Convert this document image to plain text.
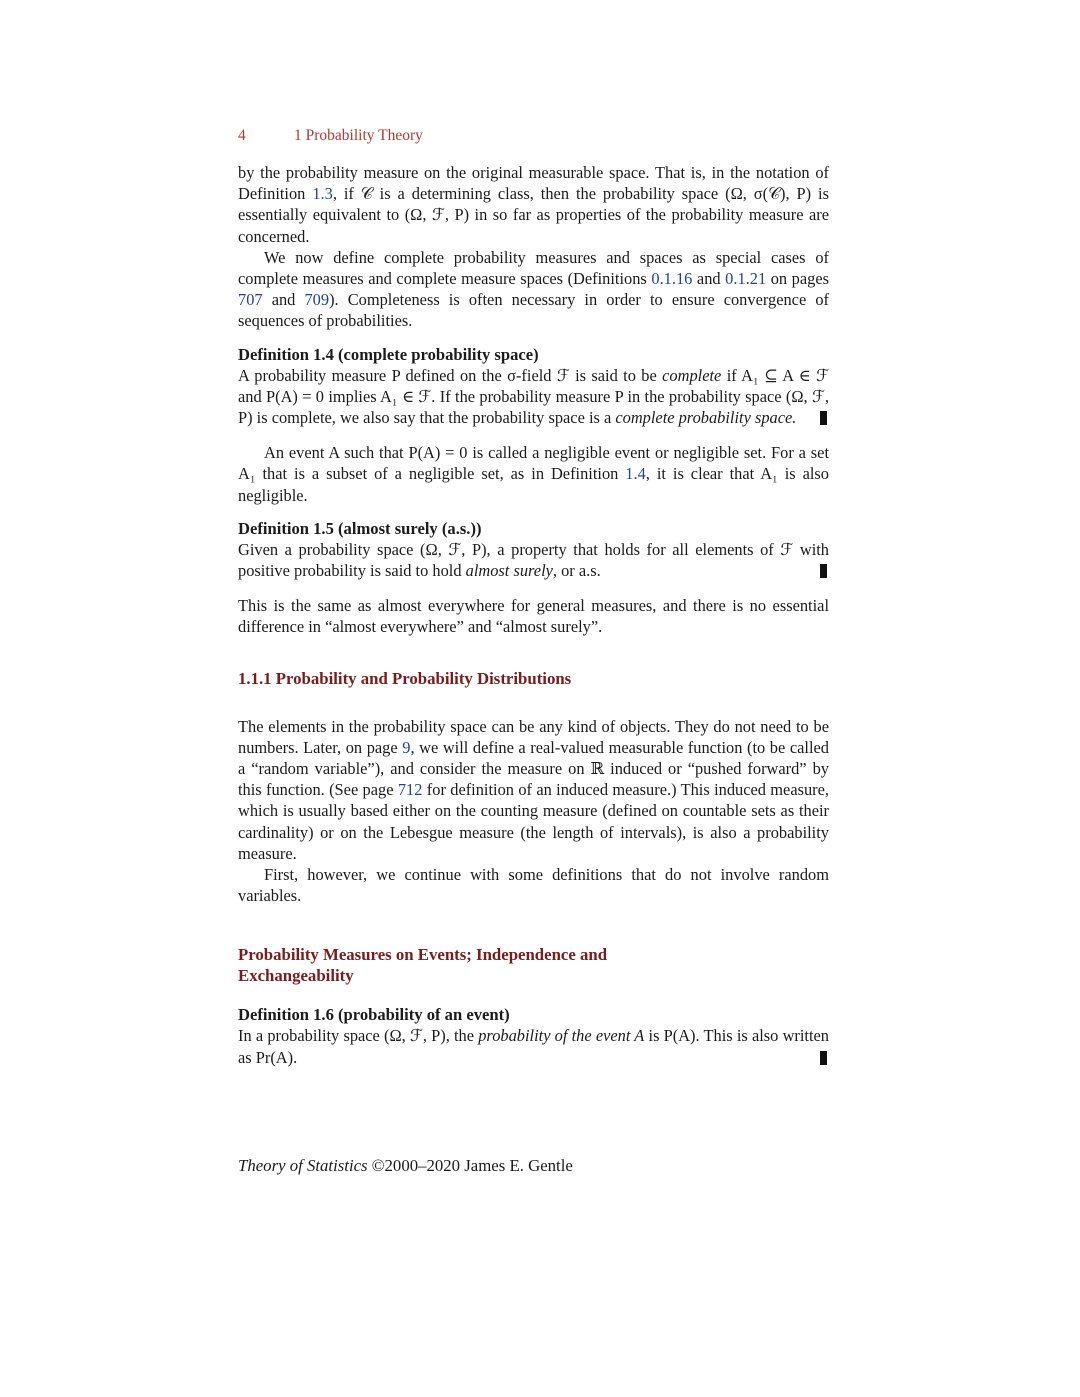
4	1 Probability Theory

by the probability measure on the original measurable space. That is, in the notation of Definition 1.3, if 𝒞 is a determining class, then the probability space (Ω, σ(𝒞), P) is essentially equivalent to (Ω, ℱ, P) in so far as properties of the probability measure are concerned.

We now define complete probability measures and spaces as special cases of complete measures and complete measure spaces (Definitions 0.1.16 and 0.1.21 on pages 707 and 709). Completeness is often necessary in order to ensure convergence of sequences of probabilities.

Definition 1.4 (complete probability space)

A probability measure P defined on the σ-field ℱ is said to be complete if A₁ ⊆ A ∈ ℱ and P(A) = 0 implies A₁ ∈ ℱ. If the probability measure P in the probability space (Ω, ℱ, P) is complete, we also say that the probability space is a complete probability space.

An event A such that P(A) = 0 is called a negligible event or negligible set. For a set A₁ that is a subset of a negligible set, as in Definition 1.4, it is clear that A₁ is also negligible.

Definition 1.5 (almost surely (a.s.))

Given a probability space (Ω, ℱ, P), a property that holds for all elements of ℱ with positive probability is said to hold almost surely, or a.s.

This is the same as almost everywhere for general measures, and there is no essential difference in “almost everywhere” and “almost surely”.

1.1.1 Probability and Probability Distributions

The elements in the probability space can be any kind of objects. They do not need to be numbers. Later, on page 9, we will define a real-valued measurable function (to be called a “random variable”), and consider the measure on ℝ induced or “pushed forward” by this function. (See page 712 for definition of an induced measure.) This induced measure, which is usually based either on the counting measure (defined on countable sets as their cardinality) or on the Lebesgue measure (the length of intervals), is also a probability measure.

First, however, we continue with some definitions that do not involve random variables.

Probability Measures on Events; Independence and Exchangeability
Definition 1.6 (probability of an event)

In a probability space (Ω, ℱ, P), the probability of the event A is P(A). This is also written as Pr(A).

Theory of Statistics ©2000–2020 James E. Gentle
